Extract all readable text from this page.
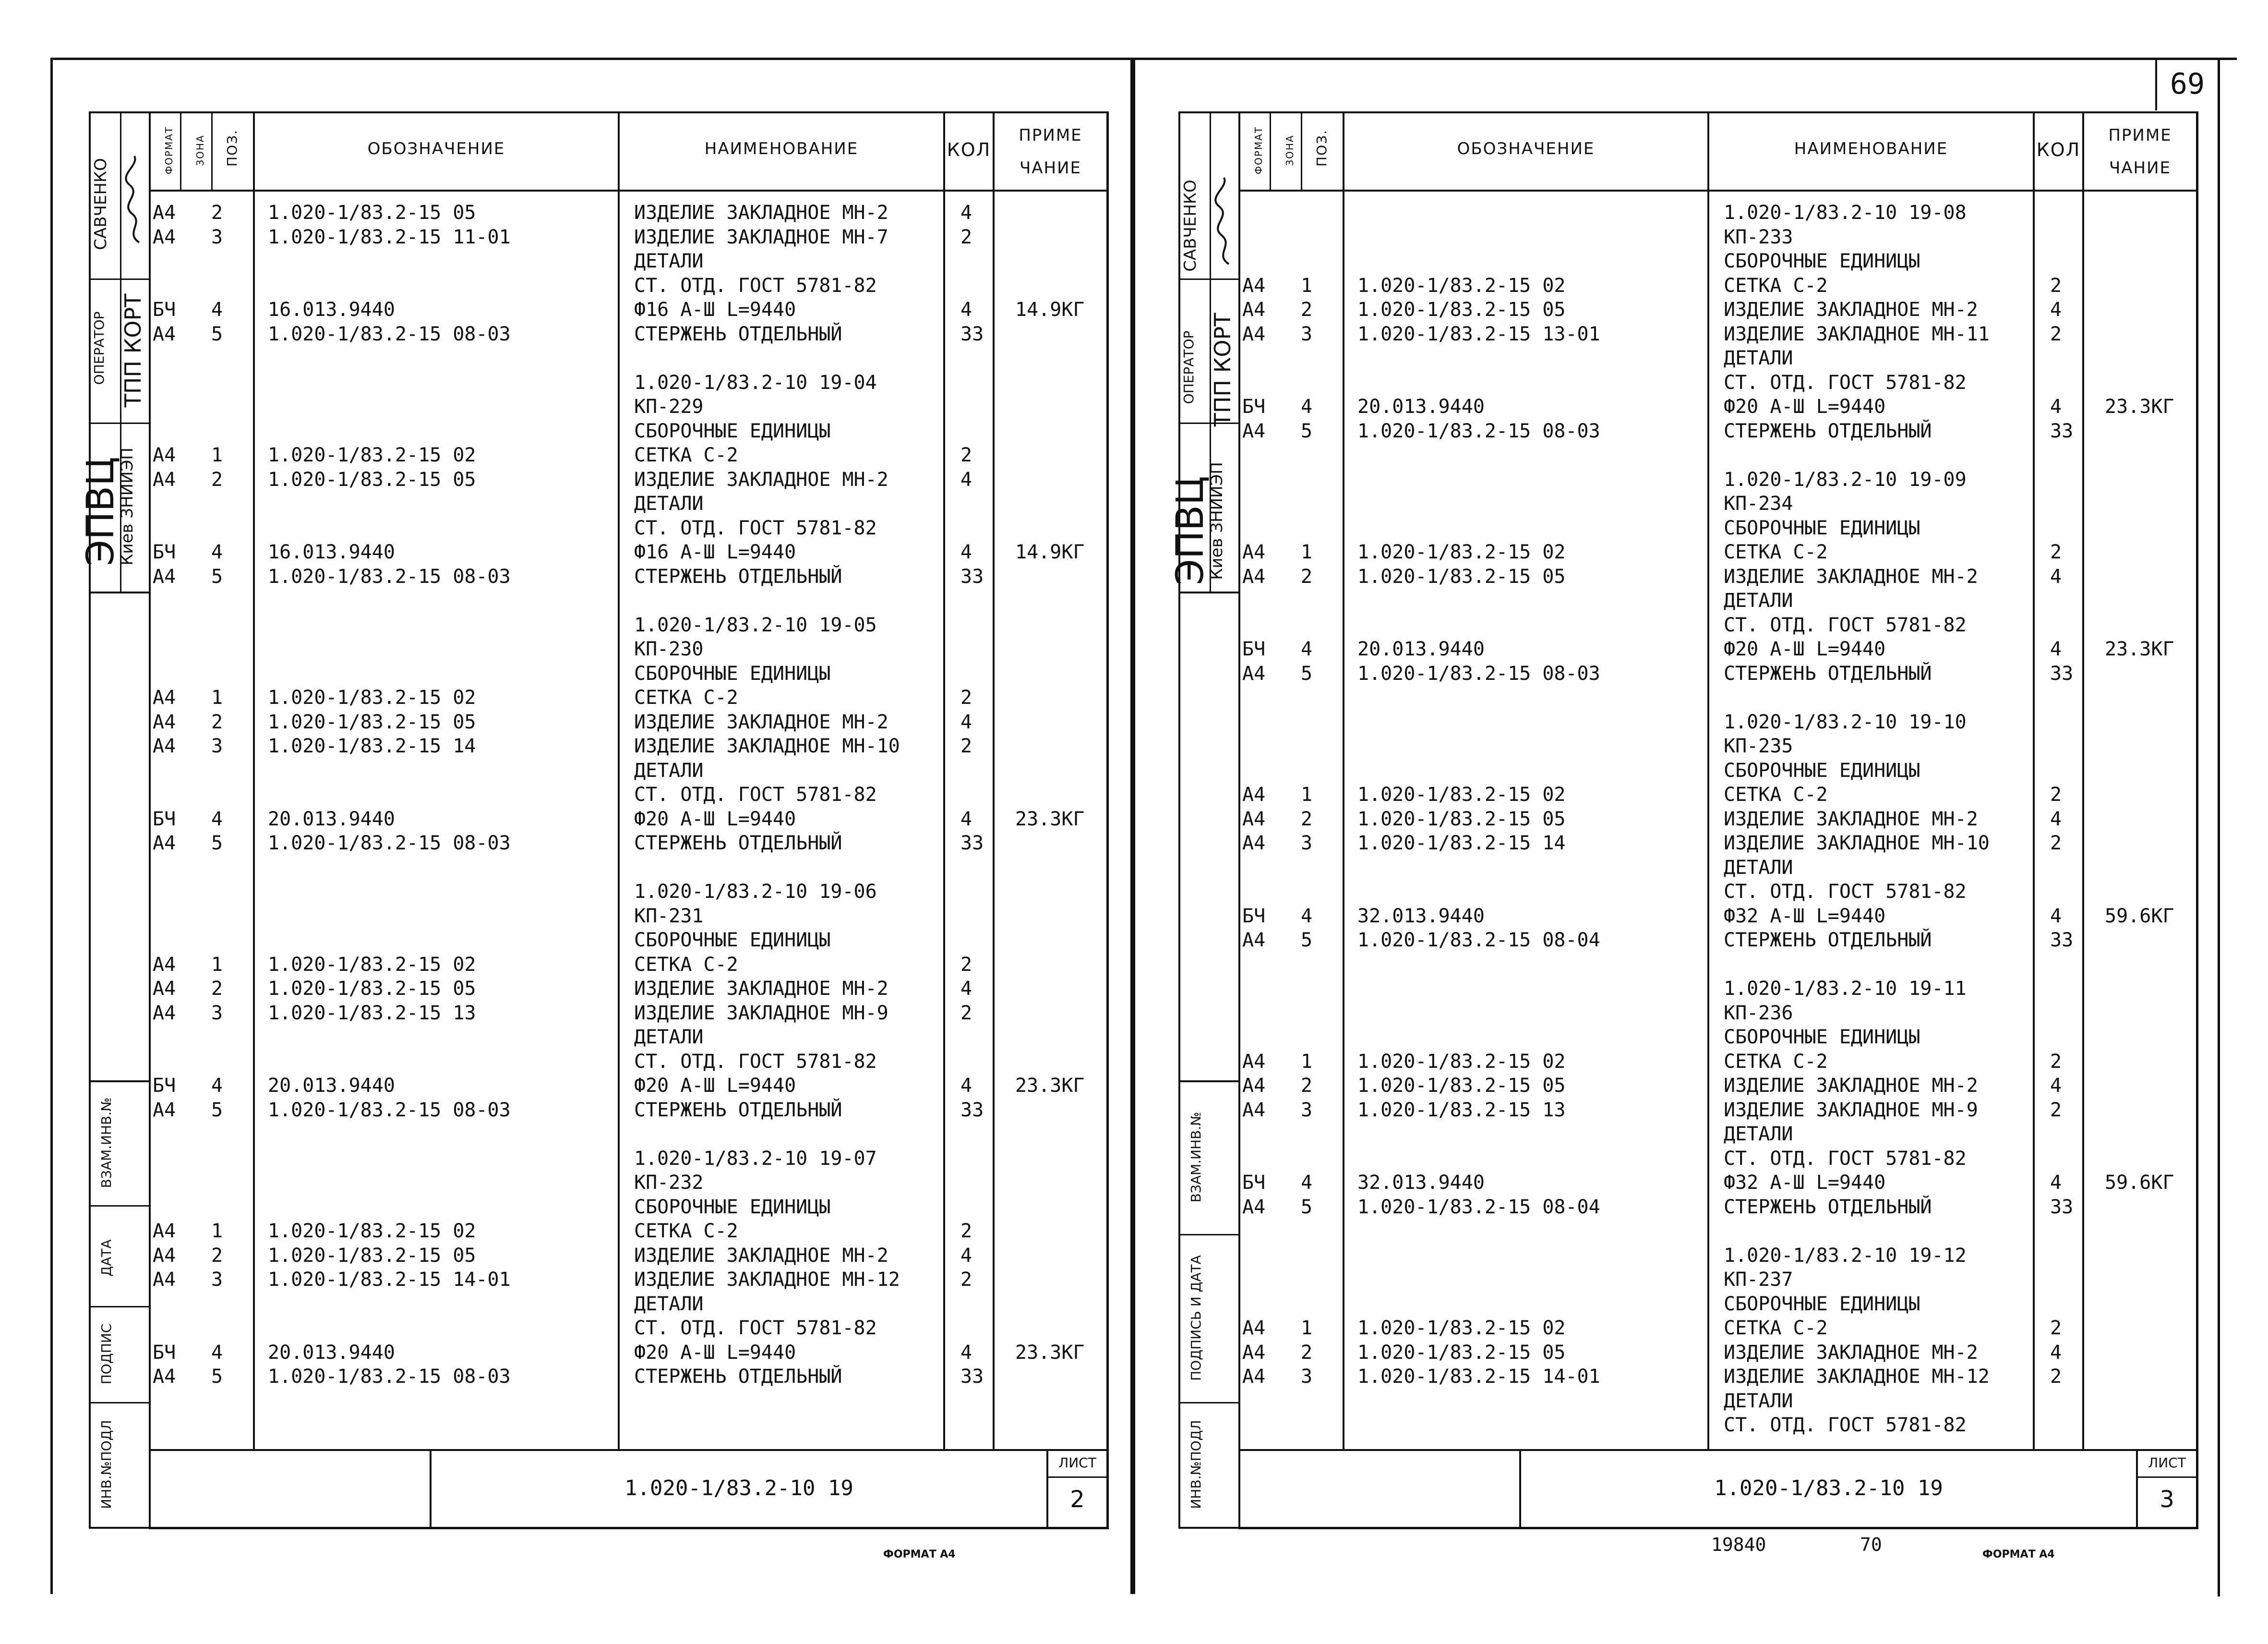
САВЧЕНКО
ОПЕРАТОР ТПП КОРТ
ЭПВЦ
Киев ЗНИИЭП
ВЗАМ.ИНВ.№
ДАТА
ПОДПИС
ИНВ.№ПОДЛ
ФОРМАТ	ЗОНА ПОЗ.	ОБОЗНАЧЕНИЕ	НАИМЕНОВАНИЕ	КОЛ
ПРИМЕ
ЧАНИЕ
А4 2 1.020-1/83.2-15 05	ИЗДЕЛИЕ ЗАКЛАДНОЕ МН-2	4
А4 3 1.020-1/83.2-15 11-01	ИЗДЕЛИЕ ЗАКЛАДНОЕ МН-7	2
ДЕТАЛИ
СТ. ОТД. ГОСТ 5781-82
БЧ 4 16.013.9440	Ф16 А-Ш L=9440	4 14.9КГ
А4 5 1.020-1/83.2-15 08-03	СТЕРЖЕНЬ ОТДЕЛЬНЫЙ	33
1.020-1/83.2-10 19-04
КП-229
СБОРОЧНЫЕ ЕДИНИЦЫ
А4 1 1.020-1/83.2-15 02	СЕТКА С-2	2
А4 2 1.020-1/83.2-15 05	ИЗДЕЛИЕ ЗАКЛАДНОЕ МН-2	4
ДЕТАЛИ
СТ. ОТД. ГОСТ 5781-82
БЧ 4 16.013.9440	Ф16 А-Ш L=9440	4 14.9КГ
А4 5 1.020-1/83.2-15 08-03	СТЕРЖЕНЬ ОТДЕЛЬНЫЙ	33
1.020-1/83.2-10 19-05
КП-230
СБОРОЧНЫЕ ЕДИНИЦЫ
А4 1 1.020-1/83.2-15 02	СЕТКА С-2	2
А4 2 1.020-1/83.2-15 05	ИЗДЕЛИЕ ЗАКЛАДНОЕ МН-2	4
А4 3 1.020-1/83.2-15 14	ИЗДЕЛИЕ ЗАКЛАДНОЕ МН-10	2
ДЕТАЛИ
СТ. ОТД. ГОСТ 5781-82
БЧ 4 20.013.9440	Ф20 А-Ш L=9440	4 23.3КГ
А4 5 1.020-1/83.2-15 08-03	СТЕРЖЕНЬ ОТДЕЛЬНЫЙ	33
1.020-1/83.2-10 19-06
КП-231
СБОРОЧНЫЕ ЕДИНИЦЫ
А4 1 1.020-1/83.2-15 02	СЕТКА С-2	2
А4 2 1.020-1/83.2-15 05	ИЗДЕЛИЕ ЗАКЛАДНОЕ МН-2	4
А4 3 1.020-1/83.2-15 13	ИЗДЕЛИЕ ЗАКЛАДНОЕ МН-9	2
ДЕТАЛИ
СТ. ОТД. ГОСТ 5781-82
БЧ 4 20.013.9440	Ф20 А-Ш L=9440	4 23.3КГ
А4 5 1.020-1/83.2-15 08-03	СТЕРЖЕНЬ ОТДЕЛЬНЫЙ	33
1.020-1/83.2-10 19-07
КП-232
СБОРОЧНЫЕ ЕДИНИЦЫ
А4 1 1.020-1/83.2-15 02	СЕТКА С-2	2
А4 2 1.020-1/83.2-15 05	ИЗДЕЛИЕ ЗАКЛАДНОЕ МН-2	4
А4 3 1.020-1/83.2-15 14-01	ИЗДЕЛИЕ ЗАКЛАДНОЕ МН-12	2
ДЕТАЛИ
СТ. ОТД. ГОСТ 5781-82
БЧ 4 20.013.9440	Ф20 А-Ш L=9440	4 23.3КГ
А4 5 1.020-1/83.2-15 08-03	СТЕРЖЕНЬ ОТДЕЛЬНЫЙ	33
1.020-1/83.2-10 19
ЛИСТ
2
ФОРМАТ А4
69
САВЧЕНКО
ОПЕРАТОР ТПП КОРТ
ЭПВЦ
Киев ЗНИИЭП
ВЗАМ.ИНВ.№
ПОДПИСЬ И ДАТА
ИНВ.№ПОДЛ
ФОРМАТ	ЗОНА ПОЗ.	ОБОЗНАЧЕНИЕ	НАИМЕНОВАНИЕ	КОЛ
ПРИМЕ
ЧАНИЕ
1.020-1/83.2-10 19-08
КП-233
СБОРОЧНЫЕ ЕДИНИЦЫ
А4 1 1.020-1/83.2-15 02	СЕТКА С-2	2
А4 2 1.020-1/83.2-15 05	ИЗДЕЛИЕ ЗАКЛАДНОЕ МН-2	4
А4 3 1.020-1/83.2-15 13-01	ИЗДЕЛИЕ ЗАКЛАДНОЕ МН-11	2
ДЕТАЛИ
СТ. ОТД. ГОСТ 5781-82
БЧ 4 20.013.9440	Ф20 А-Ш L=9440	4 23.3КГ
А4 5 1.020-1/83.2-15 08-03	СТЕРЖЕНЬ ОТДЕЛЬНЫЙ	33
1.020-1/83.2-10 19-09
КП-234
СБОРОЧНЫЕ ЕДИНИЦЫ
А4 1 1.020-1/83.2-15 02	СЕТКА С-2	2
А4 2 1.020-1/83.2-15 05	ИЗДЕЛИЕ ЗАКЛАДНОЕ МН-2	4
ДЕТАЛИ
СТ. ОТД. ГОСТ 5781-82
БЧ 4 20.013.9440	Ф20 А-Ш L=9440	4 23.3КГ
А4 5 1.020-1/83.2-15 08-03	СТЕРЖЕНЬ ОТДЕЛЬНЫЙ	33
1.020-1/83.2-10 19-10
КП-235
СБОРОЧНЫЕ ЕДИНИЦЫ
А4 1 1.020-1/83.2-15 02	СЕТКА С-2	2
А4 2 1.020-1/83.2-15 05	ИЗДЕЛИЕ ЗАКЛАДНОЕ МН-2	4
А4 3 1.020-1/83.2-15 14	ИЗДЕЛИЕ ЗАКЛАДНОЕ МН-10	2
ДЕТАЛИ
СТ. ОТД. ГОСТ 5781-82
БЧ 4 32.013.9440	Ф32 А-Ш L=9440	4 59.6КГ
А4 5 1.020-1/83.2-15 08-04	СТЕРЖЕНЬ ОТДЕЛЬНЫЙ	33
1.020-1/83.2-10 19-11
КП-236
СБОРОЧНЫЕ ЕДИНИЦЫ
А4 1 1.020-1/83.2-15 02	СЕТКА С-2	2
А4 2 1.020-1/83.2-15 05	ИЗДЕЛИЕ ЗАКЛАДНОЕ МН-2	4
А4 3 1.020-1/83.2-15 13	ИЗДЕЛИЕ ЗАКЛАДНОЕ МН-9	2
ДЕТАЛИ
СТ. ОТД. ГОСТ 5781-82
БЧ 4 32.013.9440	Ф32 А-Ш L=9440	4 59.6КГ
А4 5 1.020-1/83.2-15 08-04	СТЕРЖЕНЬ ОТДЕЛЬНЫЙ	33
1.020-1/83.2-10 19-12
КП-237
СБОРОЧНЫЕ ЕДИНИЦЫ
А4 1 1.020-1/83.2-15 02	СЕТКА С-2	2
А4 2 1.020-1/83.2-15 05	ИЗДЕЛИЕ ЗАКЛАДНОЕ МН-2	4
А4 3 1.020-1/83.2-15 14-01	ИЗДЕЛИЕ ЗАКЛАДНОЕ МН-12	2
ДЕТАЛИ
СТ. ОТД. ГОСТ 5781-82
1.020-1/83.2-10 19
ЛИСТ
3
ФОРМАТ А4
19840	70
